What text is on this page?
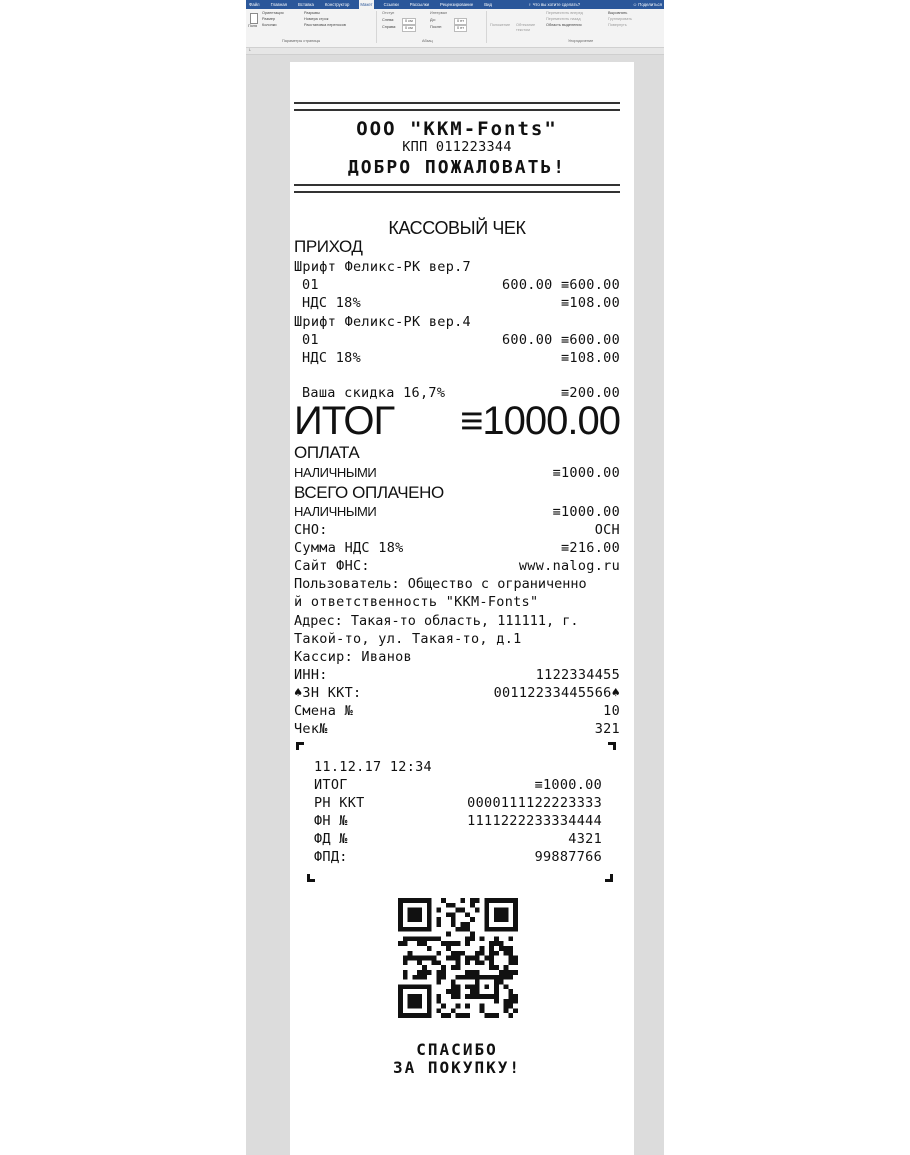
Файл	Главная	Вставка	Конструктор	Макет	Ссылки	Рассылки	Рецензирование	Вид	♀ Что вы хотите сделать?	☺ Поделиться
Поля
Ориентация
Размер
Колонки
Разрывы
Номера строк
Расстановка переносов
Параметры страницы
Отступ
Слева:	0 см
Справа:	0 см
Интервал
До:	0 пт
После:	0 пт
Абзац
Положение Обтекание текстом
Переместить вперед
Переместить назад
Область выделения
Выровнять
Группировать
Повернуть
Упорядочение
└
ООО "KKM-Fonts"
КПП 011223344
ДОБРО ПОЖАЛОВАТЬ!
КАССОВЫЙ ЧЕК
ПРИХОД
Шрифт Феликс-РК вер.7
01	600.00 ≡600.00
НДС 18%	≡108.00
Шрифт Феликс-РК вер.4
01	600.00 ≡600.00
НДС 18%	≡108.00
Ваша скидка 16,7%	≡200.00
ИТОГ ≡1000.00
ОПЛАТА
НАЛИЧНЫМИ	≡1000.00
ВСЕГО ОПЛАЧЕНО
НАЛИЧНЫМИ	≡1000.00
СНО:	ОСН
Сумма НДС 18%	≡216.00
Сайт ФНС:	www.nalog.ru
Пользователь: Общество с ограниченно
й ответственность "KKM-Fonts"
Адрес: Такая-то область, 111111, г.
Такой-то, ул. Такая-то, д.1
Кассир: Иванов
ИНН:	1122334455
♠ЗН ККТ:	00112233445566♠
Смена №	10
Чек№	321
11.12.17 12:34
ИТОГ	≡1000.00
РН ККТ	0000111122223333
ФН №	1111222233334444
ФД №	4321
ФПД:	99887766
СПАСИБО
ЗА ПОКУПКУ!
